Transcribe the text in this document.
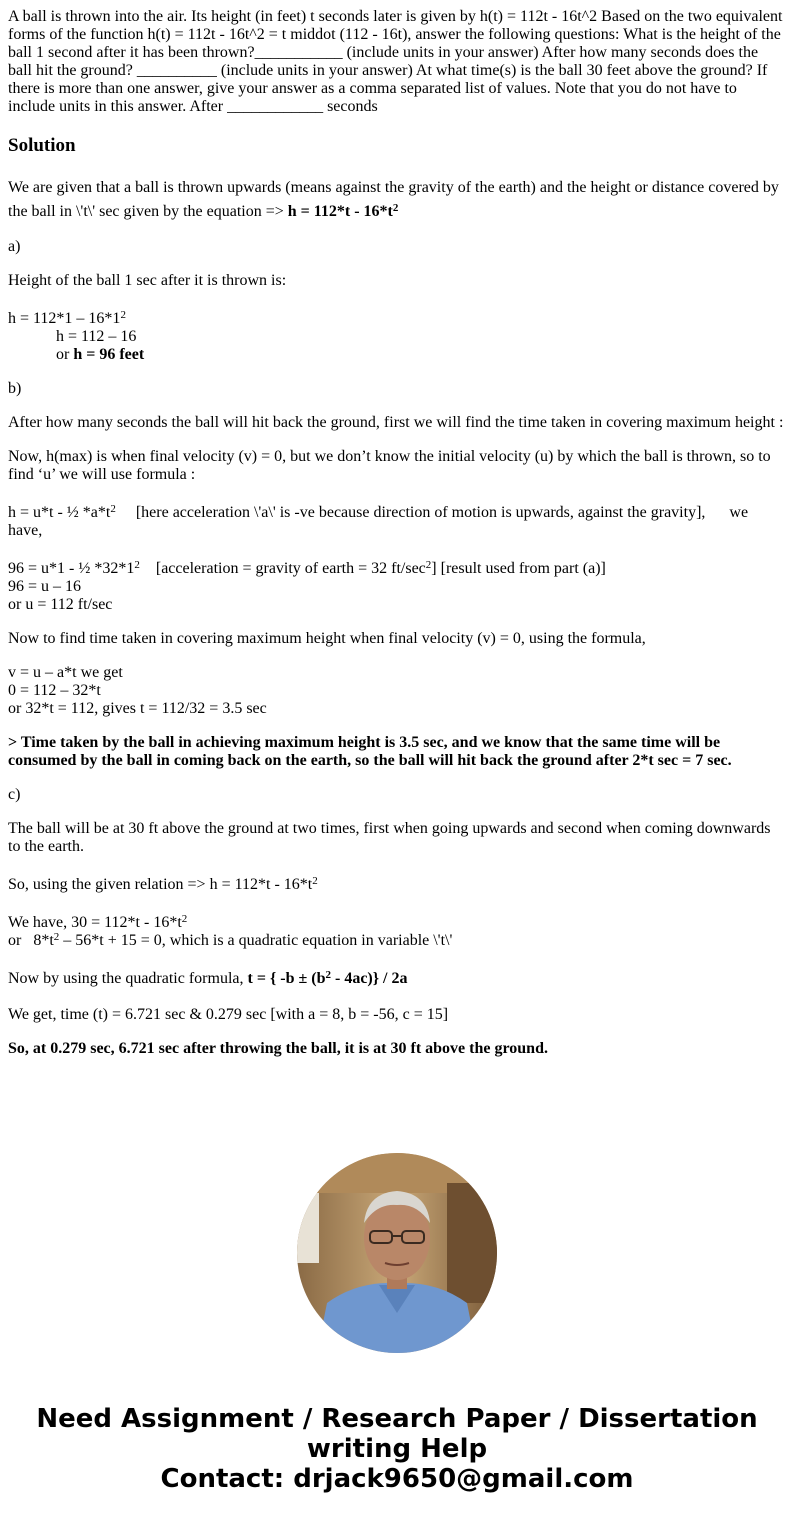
A ball is thrown into the air. Its height (in feet) t seconds later is given by h(t) = 112t - 16t^2 Based on the two equivalent forms of the function h(t) = 112t - 16t^2 = t middot (112 - 16t), answer the following questions: What is the height of the ball 1 second after it has been thrown?___________ (include units in your answer) After how many seconds does the ball hit the ground? __________ (include units in your answer) At what time(s) is the ball 30 feet above the ground? If there is more than one answer, give your answer as a comma separated list of values. Note that you do not have to include units in this answer. After ____________ seconds

Solution

We are given that a ball is thrown upwards (means against the gravity of the earth) and the height or distance covered by the ball in \'t\' sec given by the equation => $h = 112*t - 16*t^2$

a)

Height of the ball 1 sec after it is thrown is:

$h = 112*1 - 16*1^2$
h = 112 – 16
or h = 96 feet

b)

After how many seconds the ball will hit back the ground, first we will find the time taken in covering maximum height :

Now, h(max) is when final velocity (v) = 0, but we don’t know the initial velocity (u) by which the ball is thrown, so to find ‘u’ we will use formula :

h = u*t - ½ $*a*t^2$     [here acceleration \'a\' is -ve because direction of motion is upwards, against the gravity],      we have,

96 = u*1 - ½ $*32*1^2$    [acceleration = gravity of earth = 32 $ft/\sec^2$] [result used from part (a)]
96 = u – 16
or u = 112 ft/sec

Now to find time taken in covering maximum height when final velocity (v) = 0, using the formula,

v = u – a*t we get
0 = 112 – 32*t
or 32*t = 112, gives t = 112/32 = 3.5 sec

> Time taken by the ball in achieving maximum height is 3.5 sec, and we know that the same time will be consumed by the ball in coming back on the earth, so the ball will hit back the ground after 2*t sec = 7 sec.

c)

The ball will be at 30 ft above the ground at two times, first when going upwards and second when coming downwards to the earth.

So, using the given relation => $h = 112*t - 16*t^2$

We have, $30 = 112*t - 16*t^2$
or   $8*t^2 - 56*t + 15 = 0$, which is a quadratic equation in variable \'t\'

Now by using the quadratic formula, t = { $-b \pm (b^2 - 4ac)\} / 2a$

We get, time (t) = 6.721 sec & 0.279 sec [with a = 8, b = -56, c = 15]

So, at 0.279 sec, 6.721 sec after throwing the ball, it is at 30 ft above the ground.

Need Assignment / Research Paper / Dissertation
writing Help
Contact: drjack9650@gmail.com
